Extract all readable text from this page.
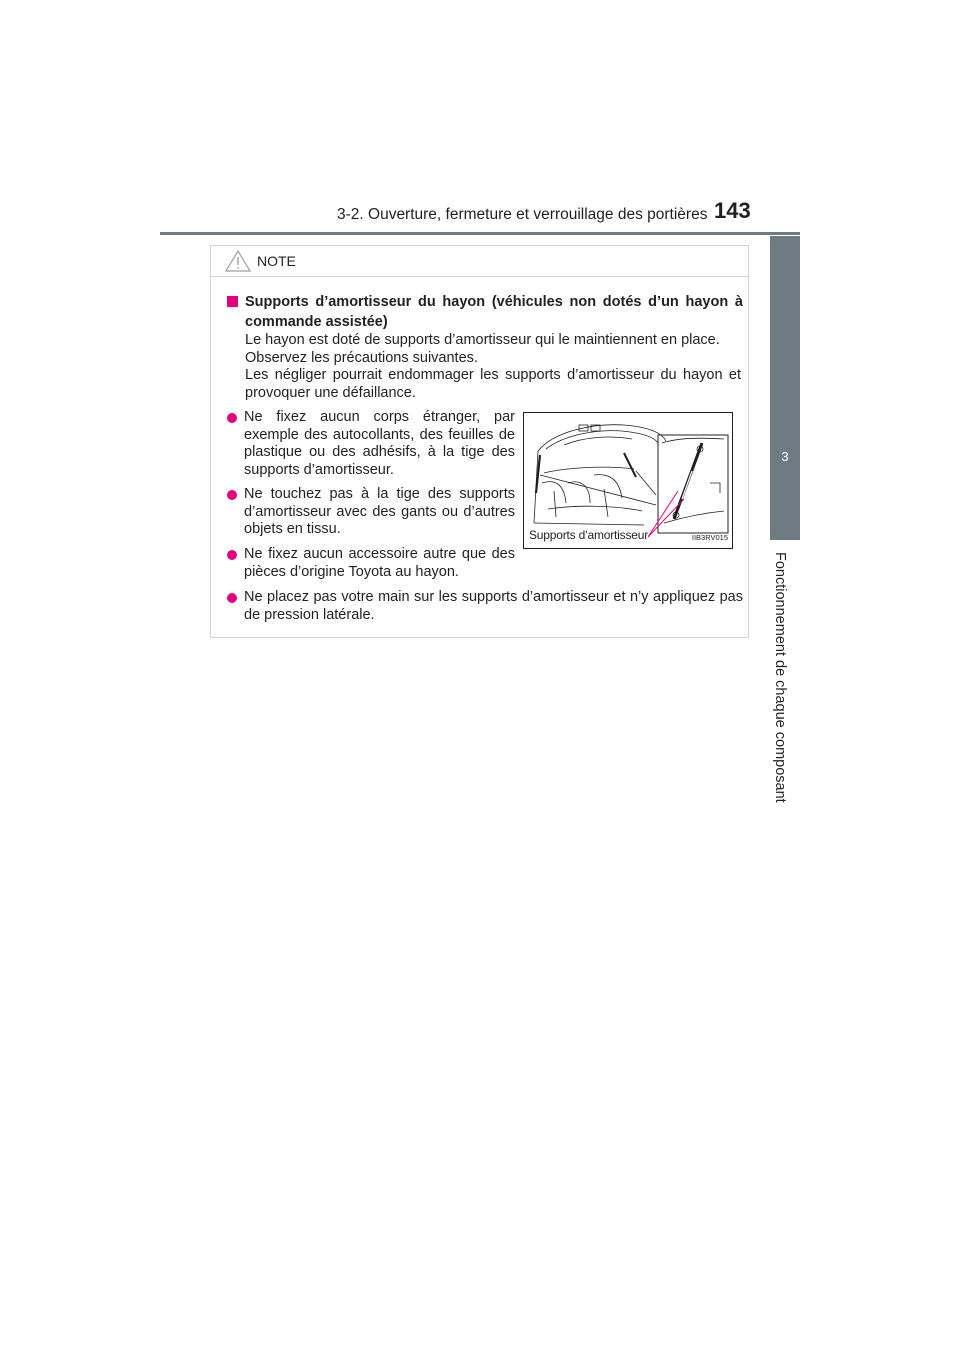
3-2. Ouverture, fermeture et verrouillage des portières 143
3
Fonctionnement de chaque composant
NOTE
Supports d’amortisseur du hayon (véhicules non dotés d’un hayon à commande assistée)

Le hayon est doté de supports d’amortisseur qui le maintiennent en place.

Observez les précautions suivantes.

Les négliger pourrait endommager les supports d’amortisseur du hayon et provoquer une défaillance.

Ne fixez aucun corps étranger, par exemple des autocollants, des feuilles de plastique ou des adhésifs, à la tige des supports d’amortisseur.
Ne touchez pas à la tige des supports d’amortisseur avec des gants ou d’autres objets en tissu.
Ne fixez aucun accessoire autre que des pièces d’origine Toyota au hayon.
Ne placez pas votre main sur les supports d’amortisseur et n’y appliquez pas de pression latérale.
Supports d’amortisseur	IIB3RV015
